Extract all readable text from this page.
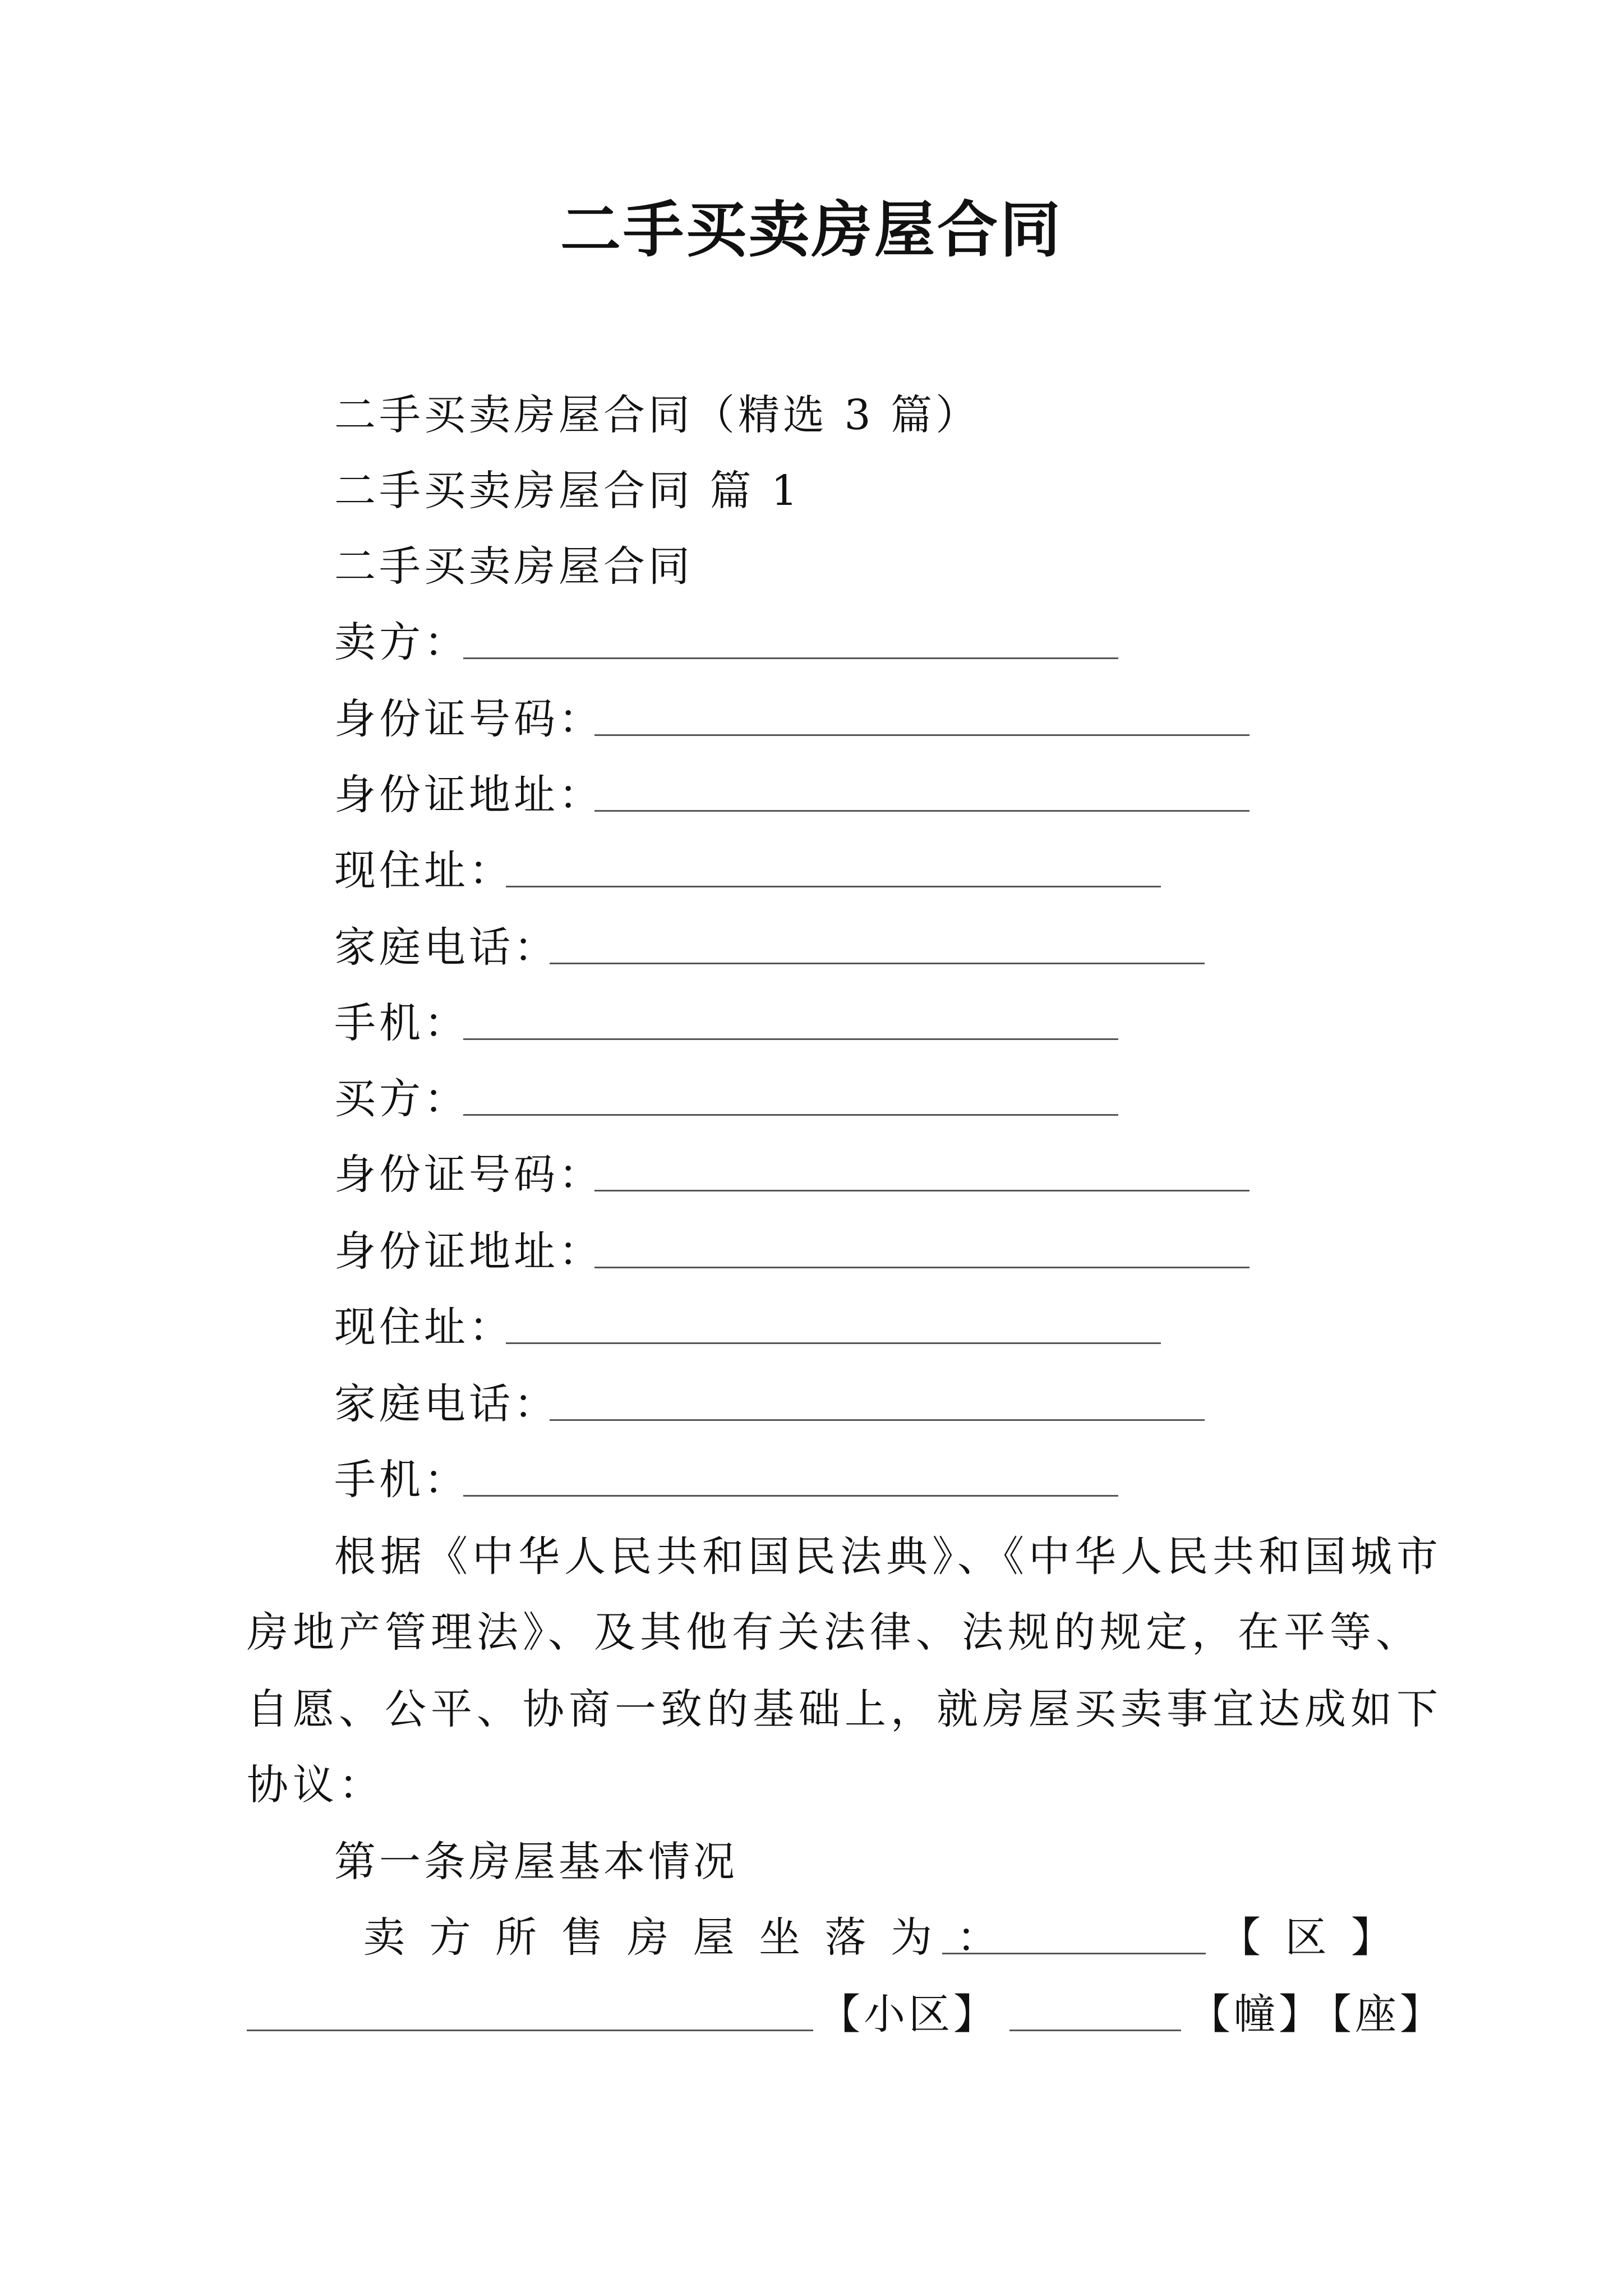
二手买卖房屋合同
二手买卖房屋合同（精选 3 篇）
二手买卖房屋合同 篇 1
二手买卖房屋合同
卖方：
身份证号码：
身份证地址：
现住址：
家庭电话：
手机：
买方：
身份证号码：
身份证地址：
现住址：
家庭电话：
手机：
根据《中华人民共和国民法典》、《中华人民共和国城市
房地产管理法》、及其他有关法律、法规的规定，在平等、
自愿、公平、协商一致的基础上，就房屋买卖事宜达成如下
协议：
第一条房屋基本情况
卖 方 所 售 房 屋 坐 落 为 ：	【 区 】
【小区】	【幢】
【座】
